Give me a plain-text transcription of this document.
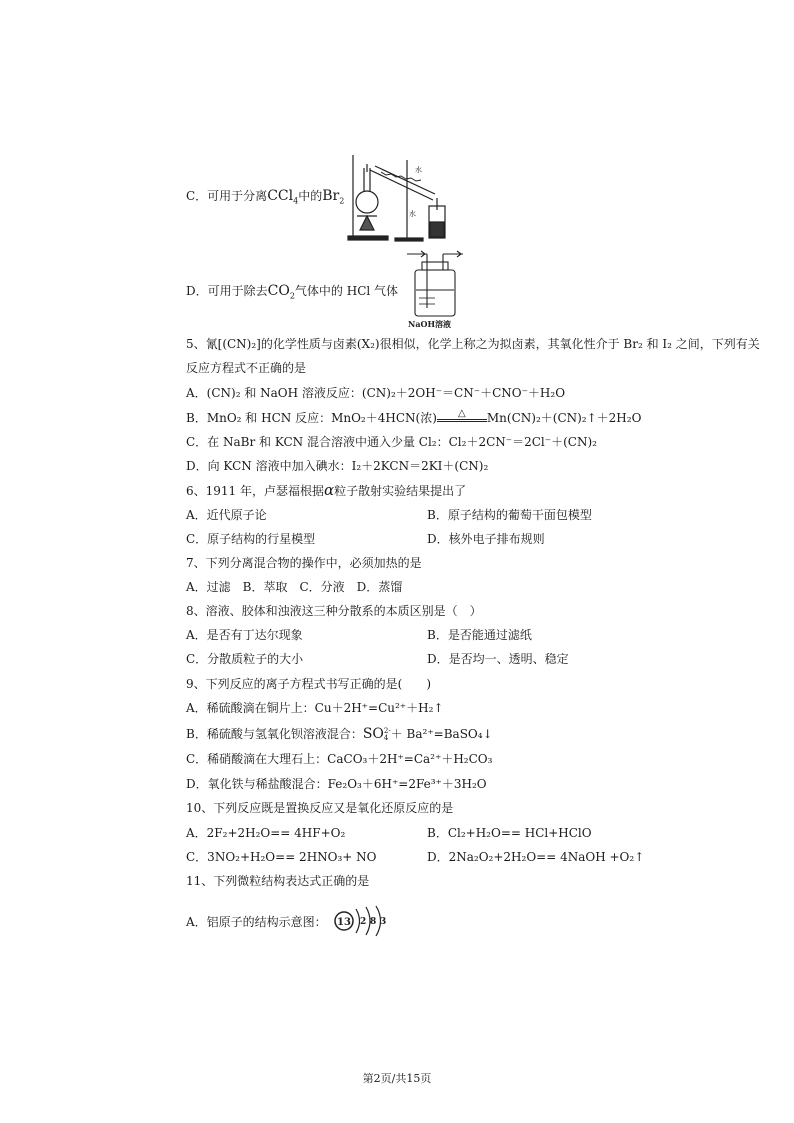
C．可用于分离CCl$_4$中的$Br_2$
水
水
D．可用于除去$CO_2$气体中的 HCl 气体
NaOH溶液
5、氰[(CN)₂]的化学性质与卤素(X₂)很相似，化学上称之为拟卤素，其氧化性介于 Br₂ 和 I₂ 之间，下列有关
反应方程式不正确的是
A．(CN)₂ 和 NaOH 溶液反应：(CN)₂＋2OH⁻＝CN⁻＋CNO⁻＋H₂O
B．MnO₂ 和 HCN 反应：MnO₂＋4HCN(浓) △ Mn(CN)₂＋(CN)₂↑＋2H₂O
C．在 NaBr 和 KCN 混合溶液中通入少量 Cl₂：Cl₂＋2CN⁻＝2Cl⁻＋(CN)₂
D．向 KCN 溶液中加入碘水：I₂＋2KCN＝2KI＋(CN)₂
6、1911 年，卢瑟福根据α粒子散射实验结果提出了
A．近代原子论	B．原子结构的葡萄干面包模型
C．原子结构的行星模型	D．核外电子排布规则
7、下列分离混合物的操作中，必须加热的是
A．过滤　B．萃取　C．分液　D．蒸馏
8、溶液、胶体和浊液这三种分散系的本质区别是（　）
A．是否有丁达尔现象	B．是否能通过滤纸
C．分散质粒子的大小	D．是否均一、透明、稳定
9、下列反应的离子方程式书写正确的是(　　)
A．稀硫酸滴在铜片上：Cu＋2H⁺=Cu²⁺＋H₂↑
B．稀硫酸与氢氧化钡溶液混合：SO 2-
4 ＋ Ba²⁺=BaSO₄↓
C．稀硝酸滴在大理石上：CaCO₃＋2H⁺=Ca²⁺＋H₂CO₃
D．氧化铁与稀盐酸混合：Fe₂O₃＋6H⁺=2Fe³⁺＋3H₂O
10、下列反应既是置换反应又是氧化还原反应的是
A．2F₂+2H₂O== 4HF+O₂	B．Cl₂+H₂O== HCl+HClO
C．3NO₂+H₂O== 2HNO₃+ NO	D．2Na₂O₂+2H₂O== 4NaOH +O₂↑
11、下列微粒结构表达式正确的是
A．铝原子的结构示意图： 13 2 8 3
第2页/共15页
